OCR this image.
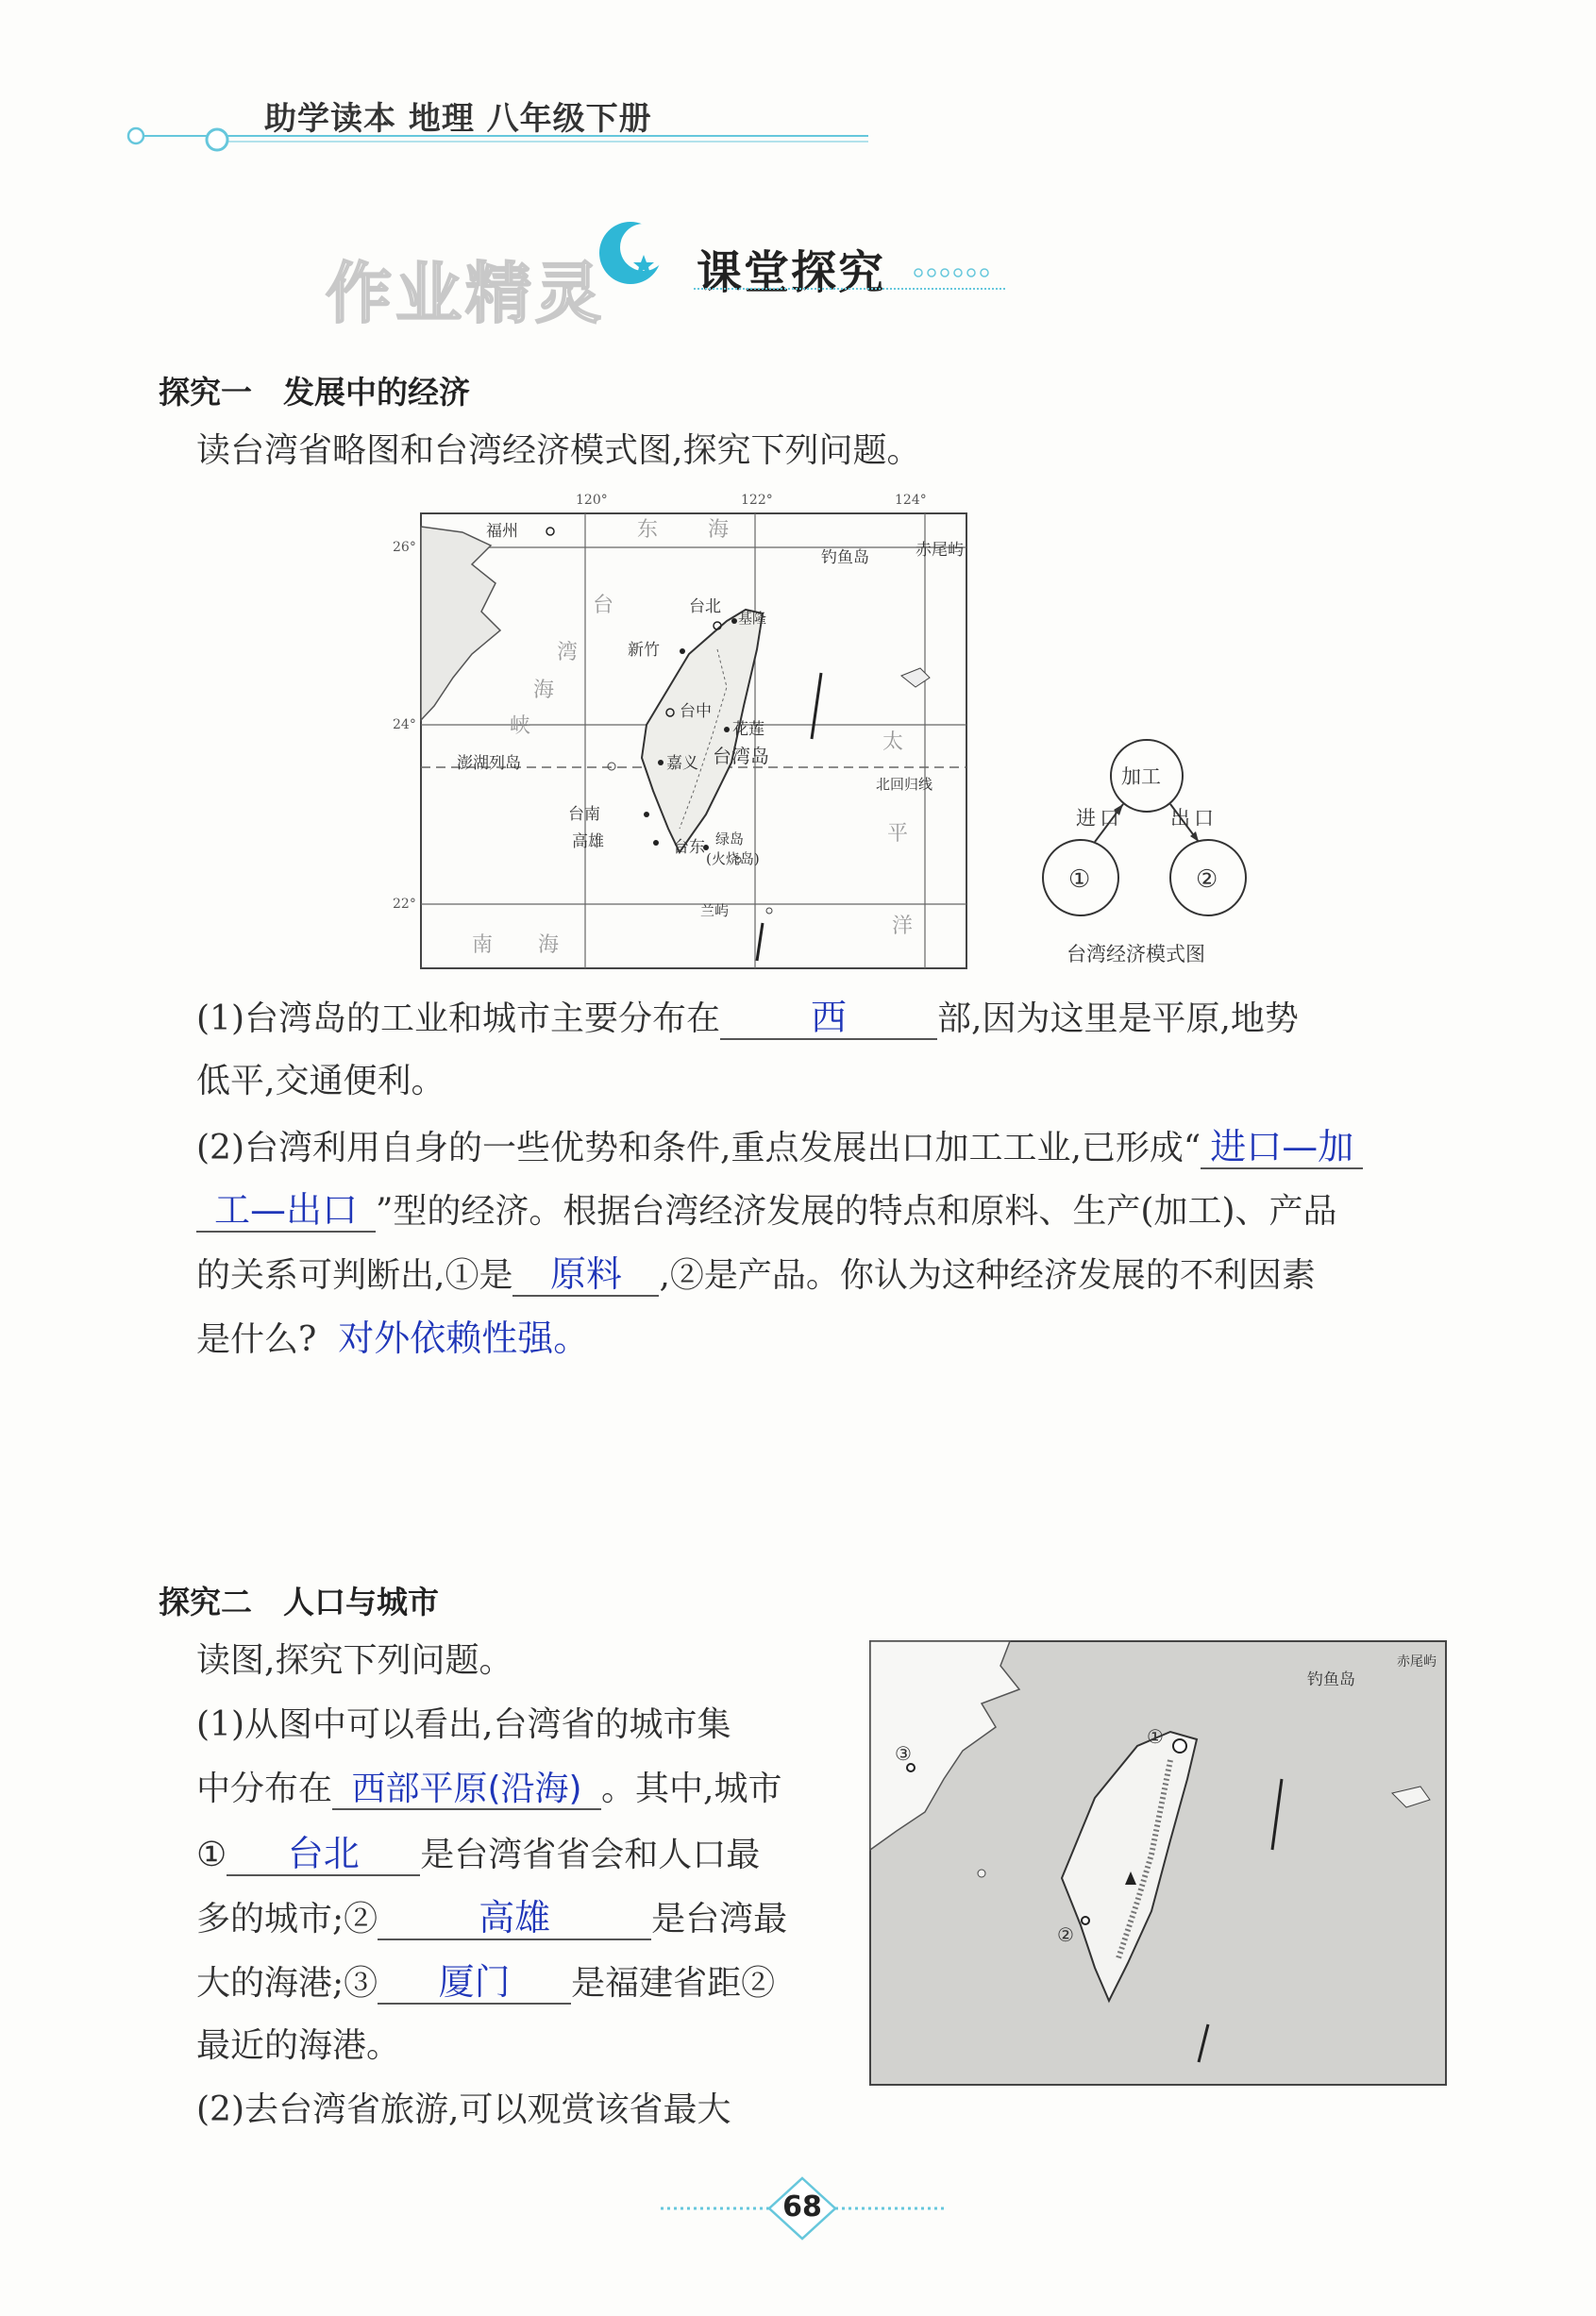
助学读本 地理 八年级下册
作业精灵 课堂探究
探究一　发展中的经济
读台湾省略图和台湾经济模式图,探究下列问题。
120°	122°	124°
26°
24°
22°
福州
钓鱼岛	赤尾屿
台北
基隆
新竹
台中
花莲
澎湖列岛	嘉义 台湾岛
北回归线
台南
高雄	台东 绿岛
(火烧岛)
兰屿
东 海
台
湾
海
峡
太
平
洋
南 海
加工
进口 出口
①	②
台湾经济模式图
(1)台湾岛的工业和城市主要分布在	西	部,因为这里是平原,地势
低平,交通便利。
(2)台湾利用自身的一些优势和条件,重点发展出口加工工业,已形成“ 进口—加
工—出口 ”型的经济。根据台湾经济发展的特点和原料、生产(加工)、产品
的关系可判断出,①是 原料 ,②是产品。你认为这种经济发展的不利因素
是什么? 对外依赖性强。
探究二　人口与城市
读图,探究下列问题。
(1)从图中可以看出,台湾省的城市集
中分布在 西部平原(沿海) 。其中,城市
① 台北 是台湾省省会和人口最
多的城市;②	高雄	是台湾最
大的海港;③ 厦门 是福建省距②
最近的海港。
(2)去台湾省旅游,可以观赏该省最大
赤尾屿
钓鱼岛
①
②
③
68
